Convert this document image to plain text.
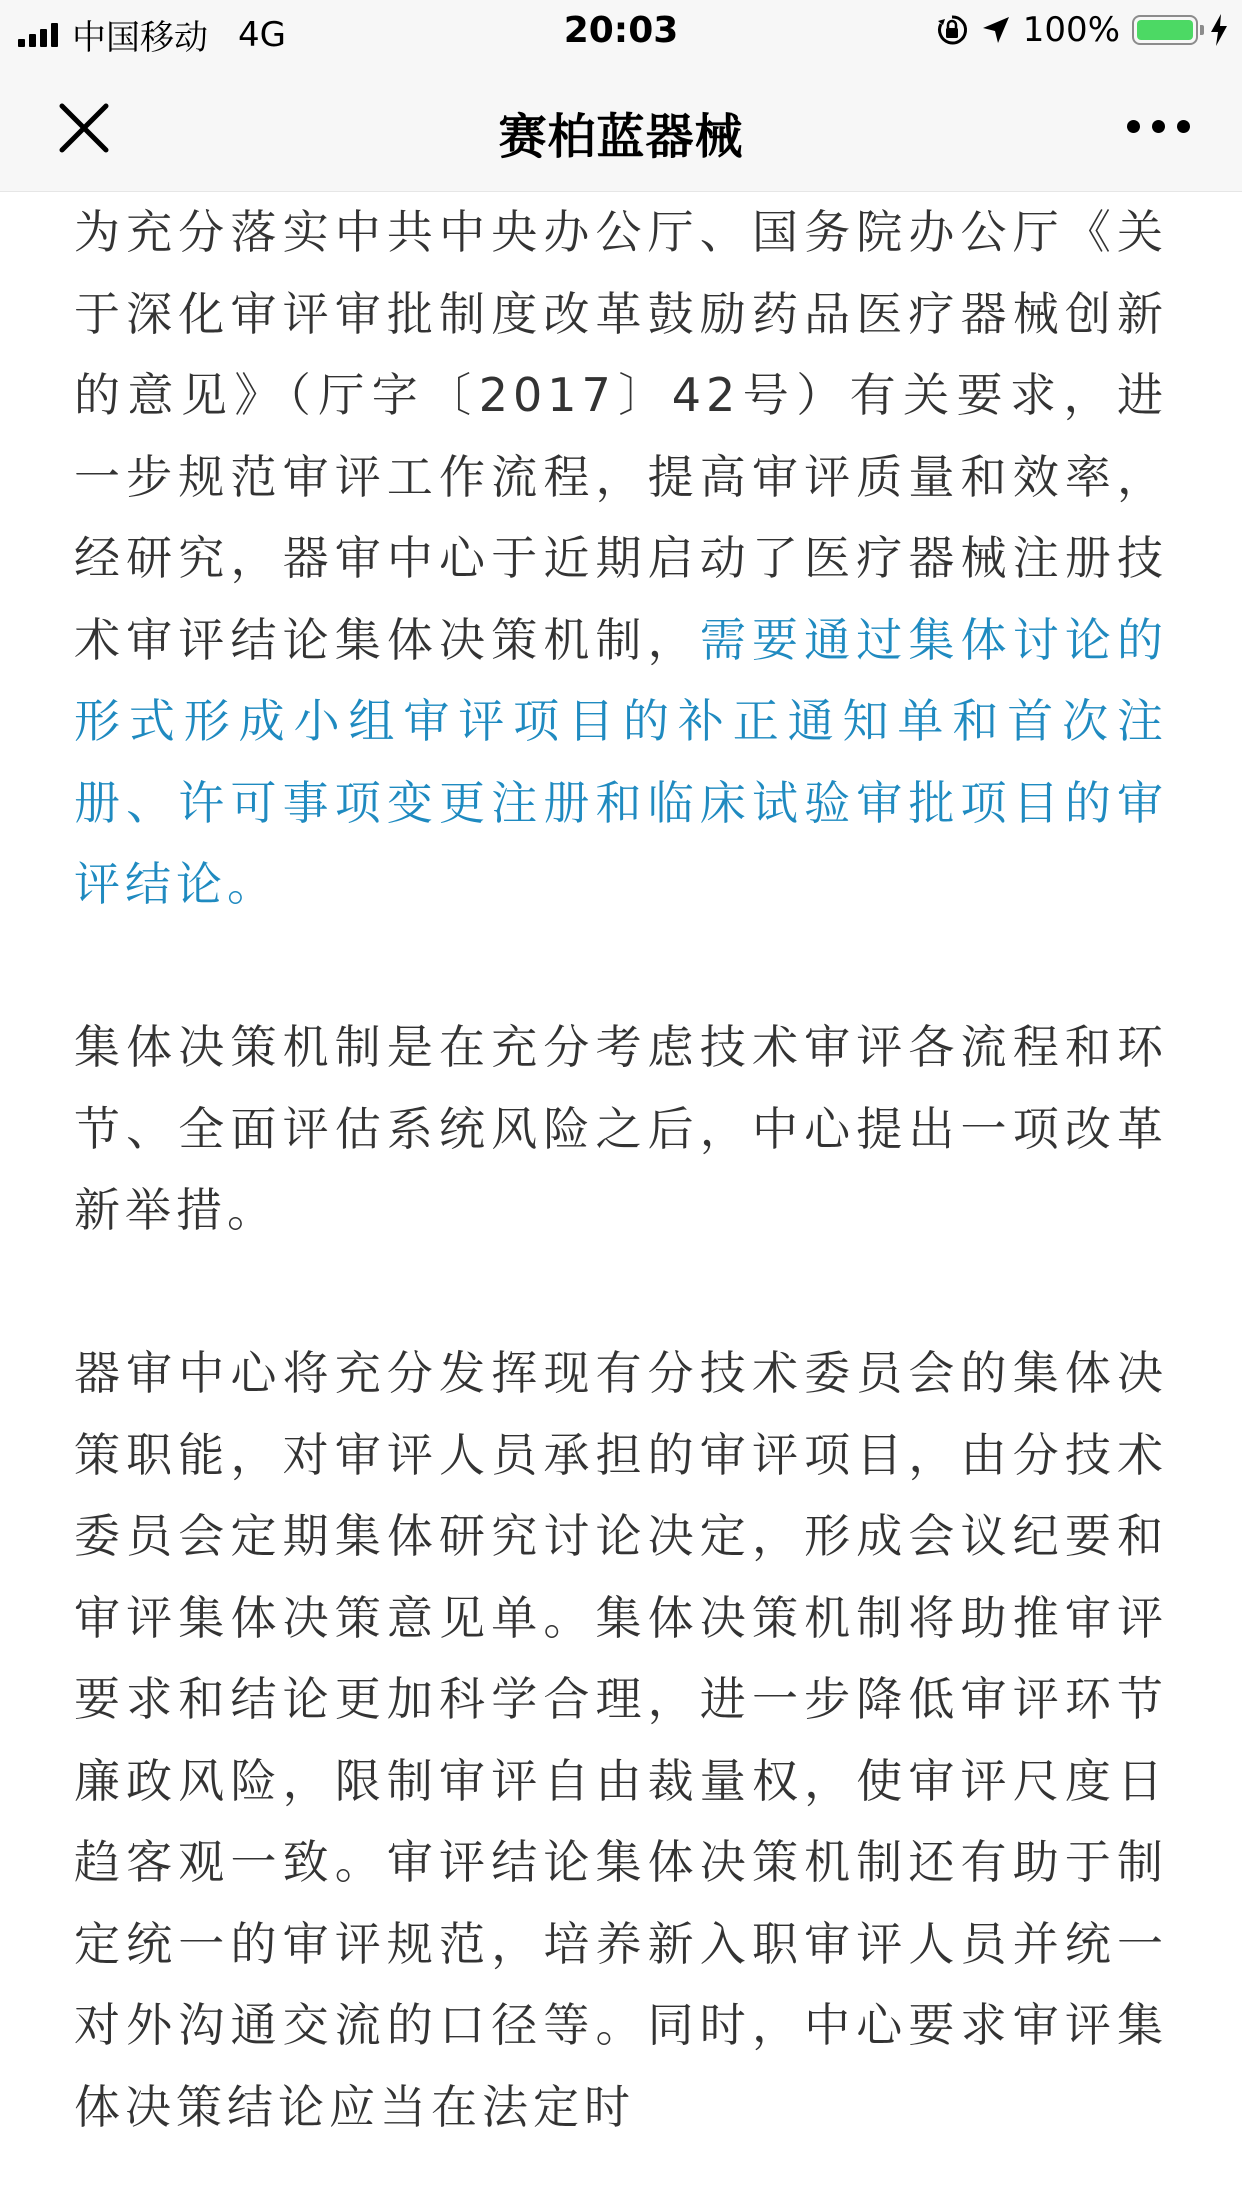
中国移动 4G	20:03	100%
赛柏蓝器械

为充分落实中共中央办公厅、国务院办公厅《关于深化审评审批制度改革鼓励药品医疗器械创新的意见》（厅字〔2017〕42号）有关要求，进一步规范审评工作流程，提高审评质量和效率，经研究，器审中心于近期启动了医疗器械注册技术审评结论集体决策机制，需要通过集体讨论的形式形成小组审评项目的补正通知单和首次注册、许可事项变更注册和临床试验审批项目的审评结论。

集体决策机制是在充分考虑技术审评各流程和环节、全面评估系统风险之后，中心提出一项改革新举措。

器审中心将充分发挥现有分技术委员会的集体决策职能，对审评人员承担的审评项目，由分技术委员会定期集体研究讨论决定，形成会议纪要和审评集体决策意见单。集体决策机制将助推审评要求和结论更加科学合理，进一步降低审评环节廉政风险，限制审评自由裁量权，使审评尺度日趋客观一致。审评结论集体决策机制还有助于制定统一的审评规范，培养新入职审评人员并统一对外沟通交流的口径等。同时，中心要求审评集体决策结论应当在法定时
